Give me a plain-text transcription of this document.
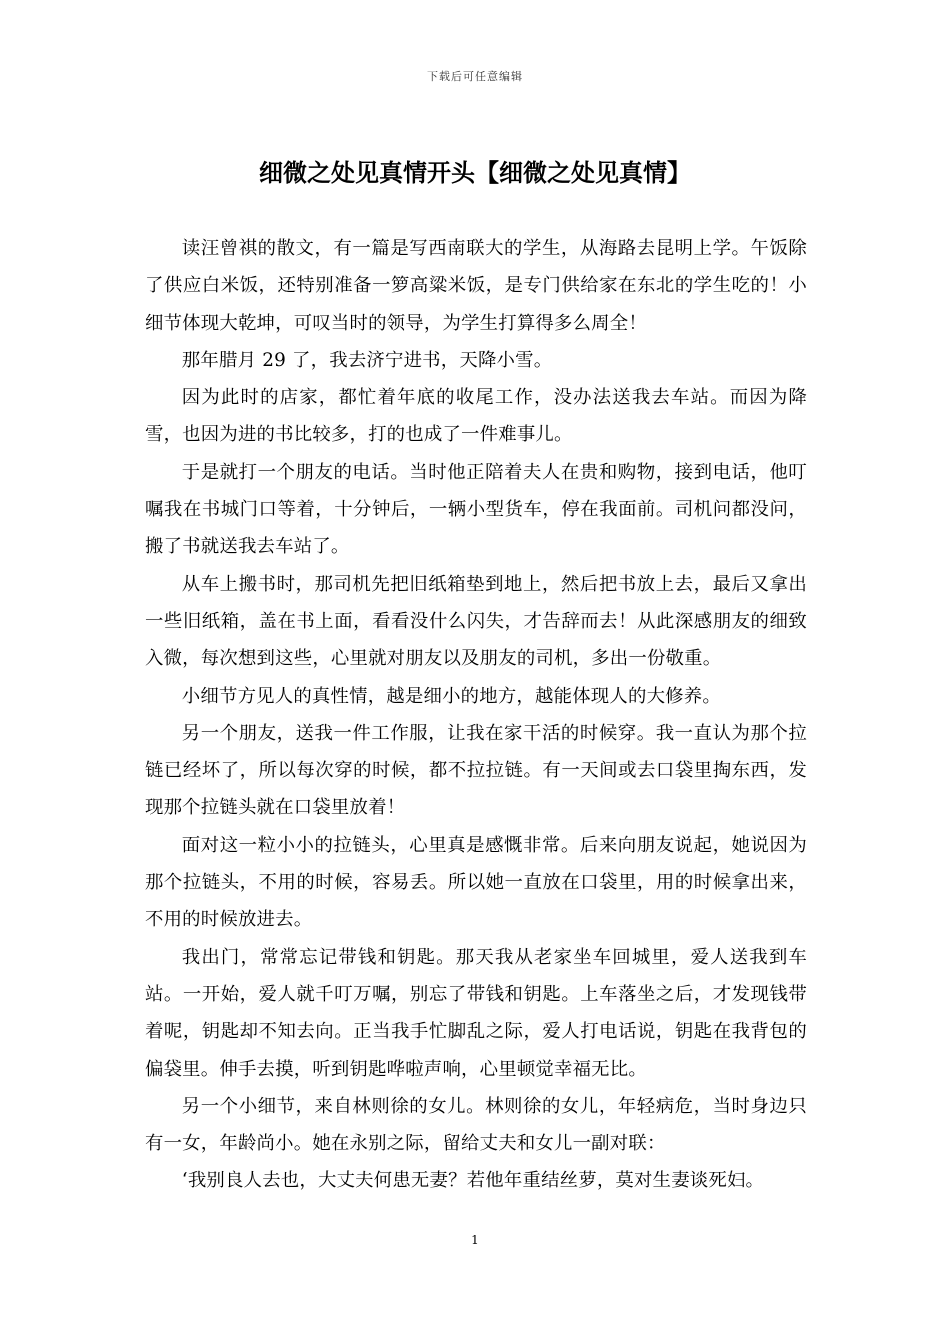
下载后可任意编辑
细微之处见真情开头【细微之处见真情】

读汪曾祺的散文，有一篇是写西南联大的学生，从海路去昆明上学。午饭除了供应白米饭，还特别准备一箩高粱米饭，是专门供给家在东北的学生吃的！小细节体现大乾坤，可叹当时的领导，为学生打算得多么周全！

那年腊月 29 了，我去济宁进书，天降小雪。

因为此时的店家，都忙着年底的收尾工作，没办法送我去车站。而因为降雪，也因为进的书比较多，打的也成了一件难事儿。

于是就打一个朋友的电话。当时他正陪着夫人在贵和购物，接到电话，他叮嘱我在书城门口等着，十分钟后，一辆小型货车，停在我面前。司机问都没问，搬了书就送我去车站了。

从车上搬书时，那司机先把旧纸箱垫到地上，然后把书放上去，最后又拿出一些旧纸箱，盖在书上面，看看没什么闪失，才告辞而去！从此深感朋友的细致入微，每次想到这些，心里就对朋友以及朋友的司机，多出一份敬重。

小细节方见人的真性情，越是细小的地方，越能体现人的大修养。

另一个朋友，送我一件工作服，让我在家干活的时候穿。我一直认为那个拉链已经坏了，所以每次穿的时候，都不拉拉链。有一天间或去口袋里掏东西，发现那个拉链头就在口袋里放着！

面对这一粒小小的拉链头，心里真是感慨非常。后来向朋友说起，她说因为那个拉链头，不用的时候，容易丢。所以她一直放在口袋里，用的时候拿出来，不用的时候放进去。

我出门，常常忘记带钱和钥匙。那天我从老家坐车回城里，爱人送我到车站。一开始，爱人就千叮万嘱，别忘了带钱和钥匙。上车落坐之后，才发现钱带着呢，钥匙却不知去向。正当我手忙脚乱之际，爱人打电话说，钥匙在我背包的偏袋里。伸手去摸，听到钥匙哗啦声响，心里顿觉幸福无比。

另一个小细节，来自林则徐的女儿。林则徐的女儿，年轻病危，当时身边只有一女，年龄尚小。她在永别之际，留给丈夫和女儿一副对联：

‘我别良人去也，大丈夫何患无妻？若他年重结丝萝，莫对生妻谈死妇。

1
